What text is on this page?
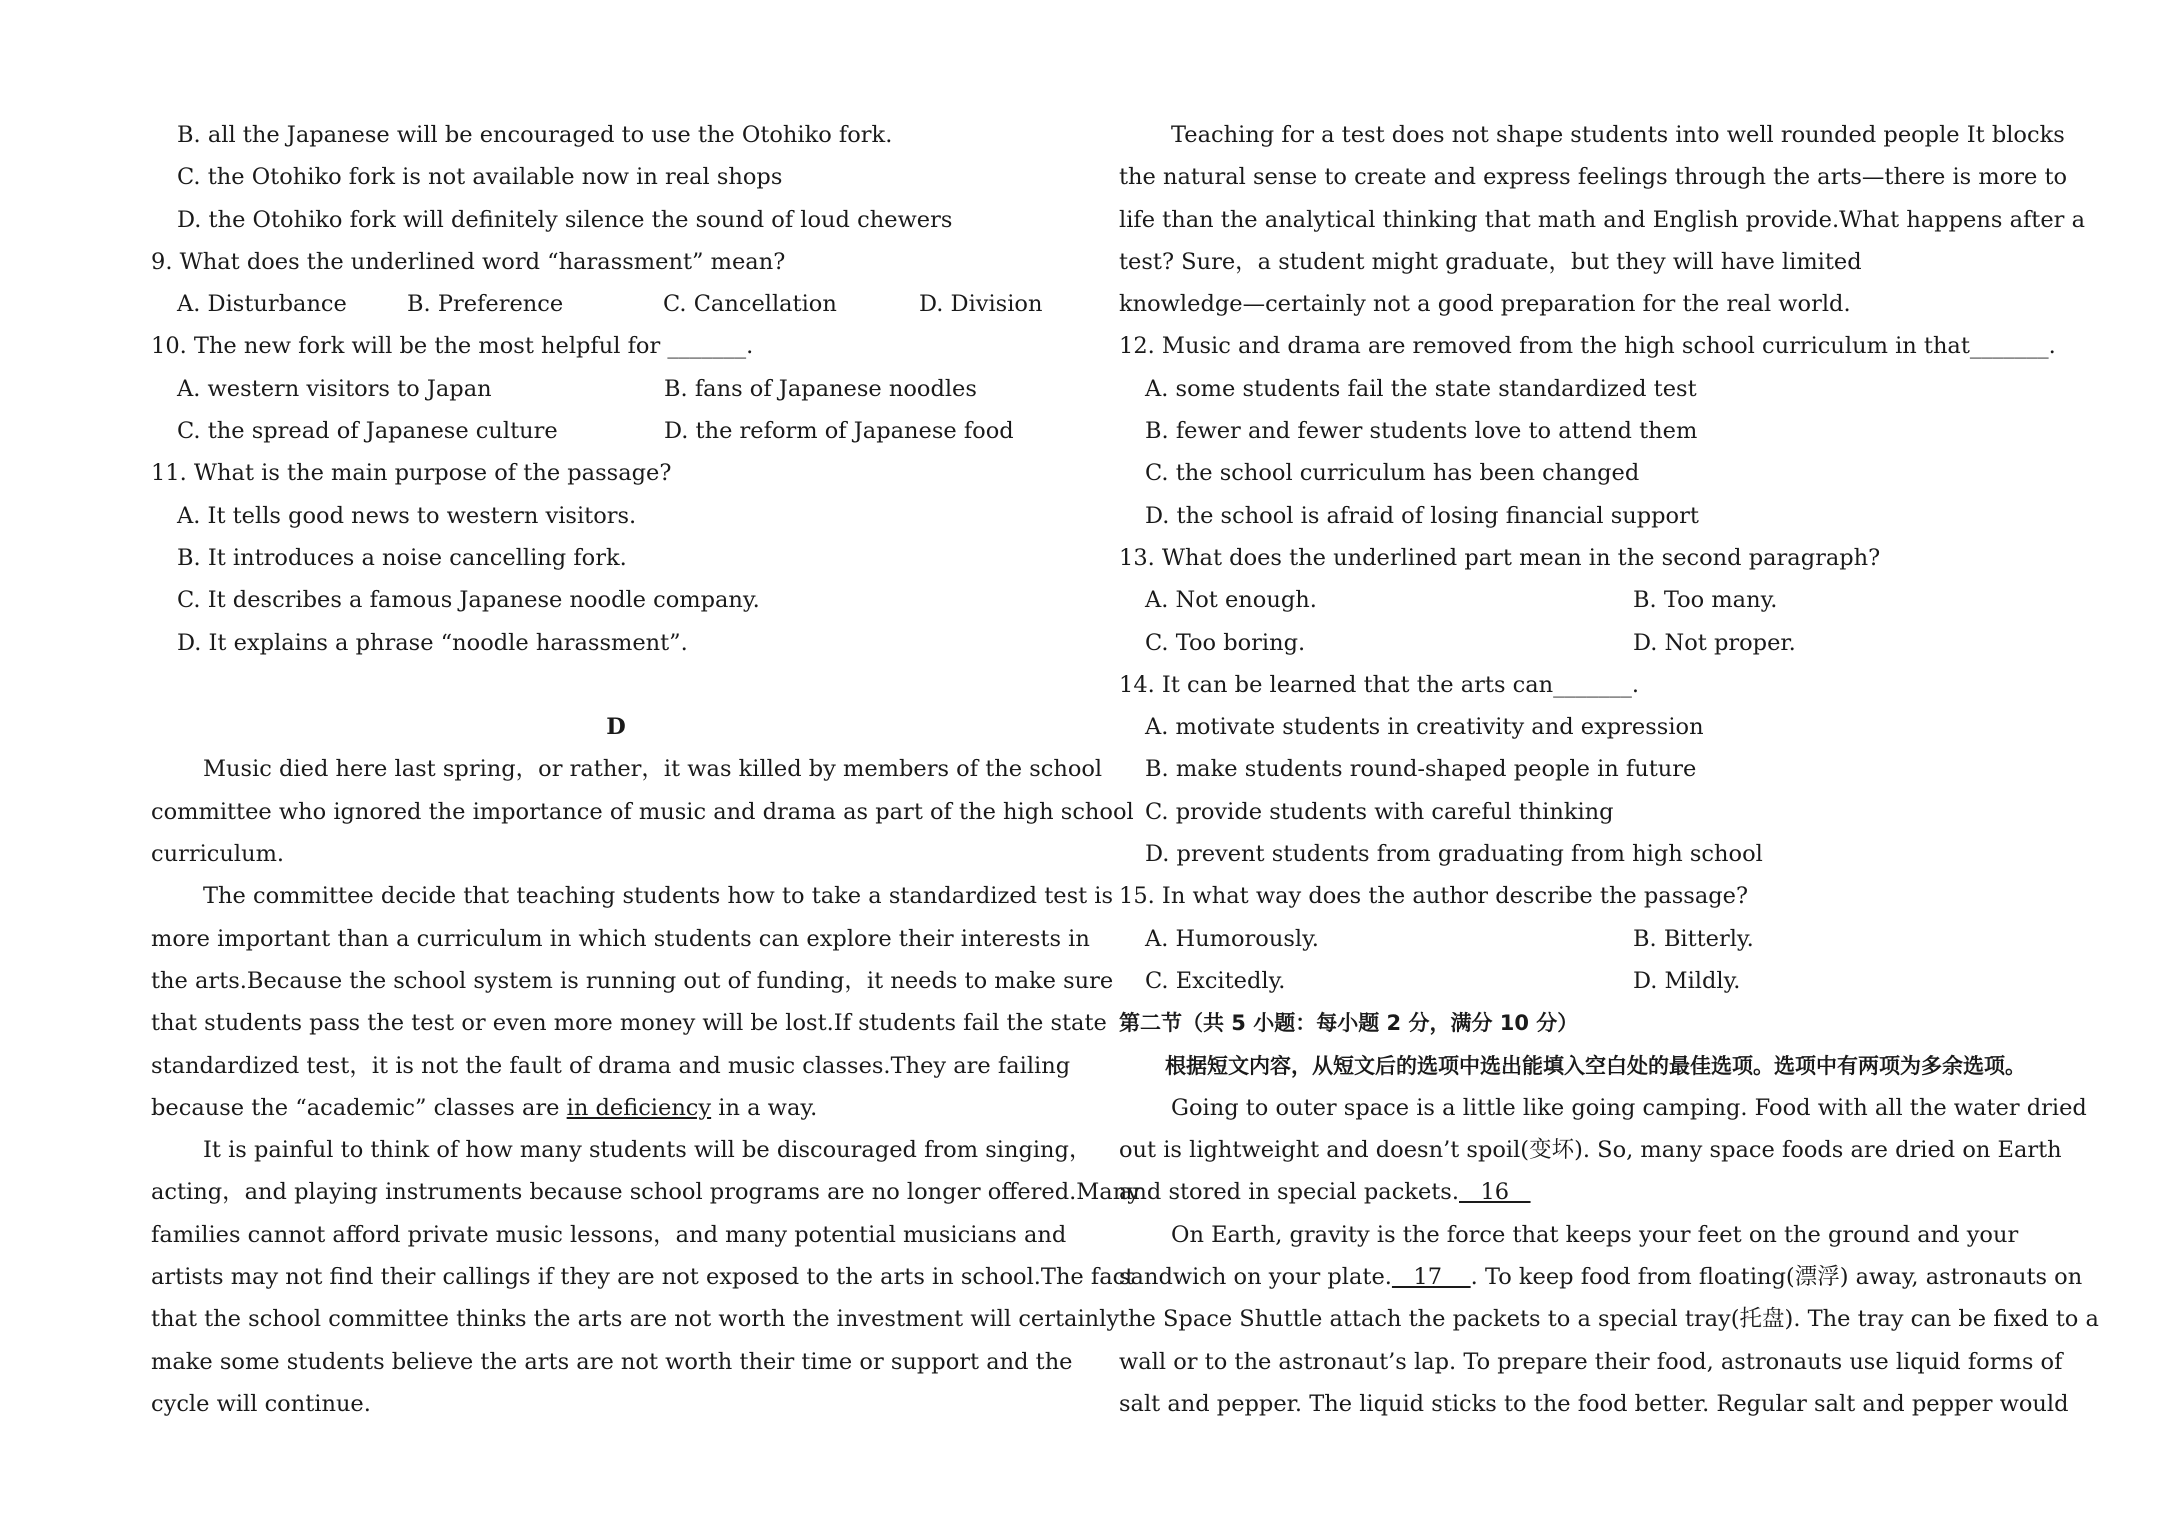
B. all the Japanese will be encouraged to use the Otohiko fork.
C. the Otohiko fork is not available now in real shops
D. the Otohiko fork will definitely silence the sound of loud chewers
9. What does the underlined word “harassment” mean?
A. Disturbance	B. Preference	C. Cancellation	D. Division
10. The new fork will be the most helpful for _______.
A. western visitors to Japan	B. fans of Japanese noodles
C. the spread of Japanese culture	D. the reform of Japanese food
11. What is the main purpose of the passage?
A. It tells good news to western visitors.
B. It introduces a noise cancelling fork.
C. It describes a famous Japanese noodle company.
D. It explains a phrase “noodle harassment”.
D
Music died here last spring，or rather，it was killed by members of the school
committee who ignored the importance of music and drama as part of the high school
curriculum.
The committee decide that teaching students how to take a standardized test is
more important than a curriculum in which students can explore their interests in
the arts.Because the school system is running out of funding，it needs to make sure
that students pass the test or even more money will be lost.If students fail the state
standardized test，it is not the fault of drama and music classes.They are failing
because the “academic” classes are in deficiency in a way.
It is painful to think of how many students will be discouraged from singing，
acting，and playing instruments because school programs are no longer offered.Many
families cannot afford private music lessons，and many potential musicians and
artists may not find their callings if they are not exposed to the arts in school.The fact
that the school committee thinks the arts are not worth the investment will certainly
make some students believe the arts are not worth their time or support and the
cycle will continue.
Teaching for a test does not shape students into well rounded people It blocks
the natural sense to create and express feelings through the arts—there is more to
life than the analytical thinking that math and English provide.What happens after a
test? Sure，a student might graduate，but they will have limited
knowledge—certainly not a good preparation for the real world.
12. Music and drama are removed from the high school curriculum in that_______.
A. some students fail the state standardized test
B. fewer and fewer students love to attend them
C. the school curriculum has been changed
D. the school is afraid of losing financial support
13. What does the underlined part mean in the second paragraph?
A. Not enough.	B. Too many.
C. Too boring.	D. Not proper.
14. It can be learned that the arts can_______.
A. motivate students in creativity and expression
B. make students round-shaped people in future
C. provide students with careful thinking
D. prevent students from graduating from high school
15. In what way does the author describe the passage?
A. Humorously.	B. Bitterly.
C. Excitedly.	D. Mildly.
第二节（共 5 小题：每小题 2 分，满分 10 分）
根据短文内容，从短文后的选项中选出能填入空白处的最佳选项。选项中有两项为多余选项。
Going to outer space is a little like going camping. Food with all the water dried
out is lightweight and doesn’t spoil(变坏). So, many space foods are dried on Earth
and stored in special packets.   16
On Earth, gravity is the force that keeps your feet on the ground and your
sandwich on your plate.   17    . To keep food from floating(漂浮) away, astronauts on
the Space Shuttle attach the packets to a special tray(托盘). The tray can be fixed to a
wall or to the astronaut’s lap. To prepare their food, astronauts use liquid forms of
salt and pepper. The liquid sticks to the food better. Regular salt and pepper would
